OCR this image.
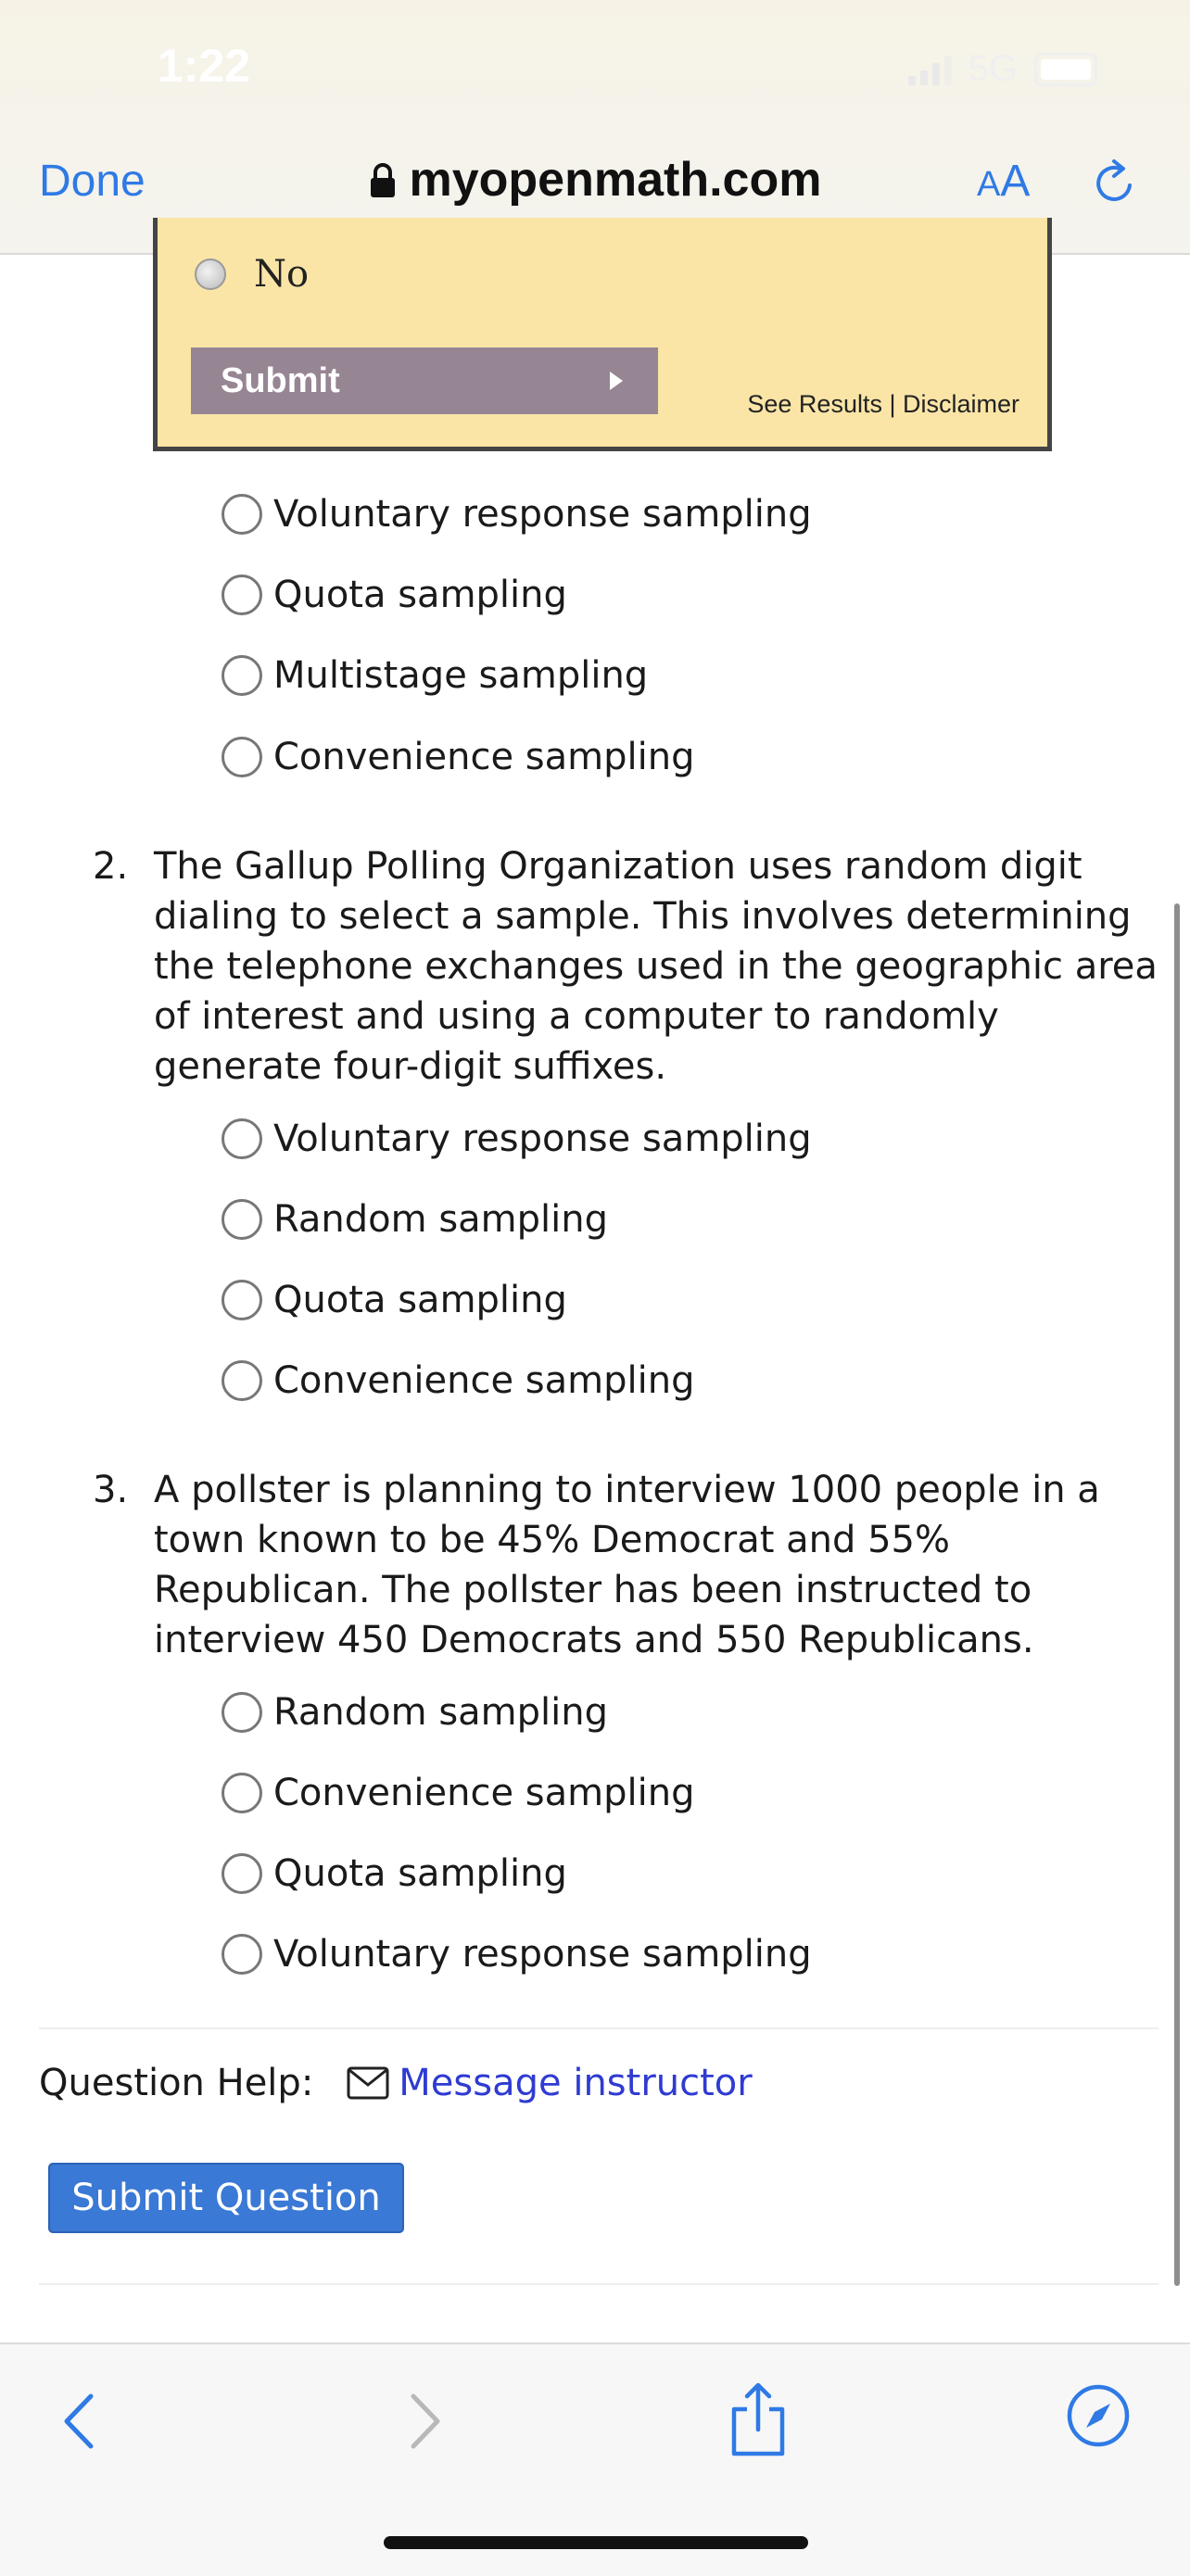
1:22	5G
Done	myopenmath.com	AA
No
Submit
See Results | Disclaimer
Voluntary response sampling
Quota sampling
Multistage sampling
Convenience sampling
2. The Gallup Polling Organization uses random digit dialing to select a sample. This involves determining the telephone exchanges used in the geographic area of interest and using a computer to randomly generate four-digit suffixes.
Voluntary response sampling
Random sampling
Quota sampling
Convenience sampling
3. A pollster is planning to interview 1000 people in a town known to be 45% Democrat and 55% Republican. The pollster has been instructed to interview 450 Democrats and 550 Republicans.
Random sampling
Convenience sampling
Quota sampling
Voluntary response sampling
Question Help: Message instructor
Submit Question
